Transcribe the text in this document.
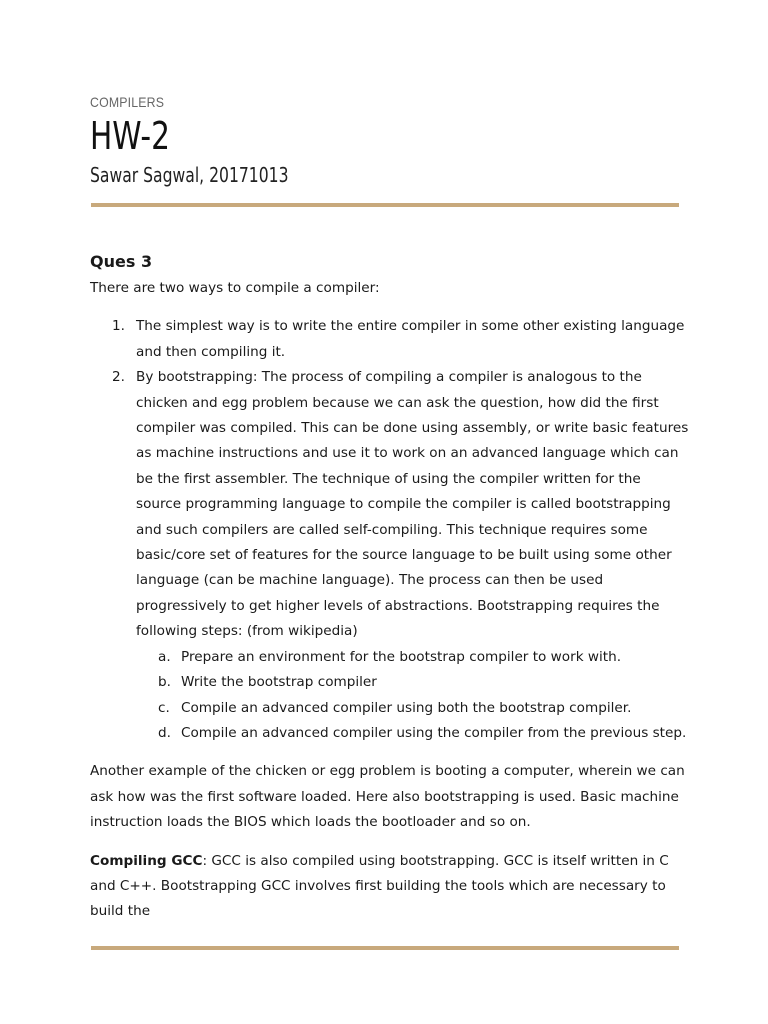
COMPILERS
HW-2
Sawar Sagwal, 20171013

Ques 3

There are two ways to compile a compiler:

1. The simplest way is to write the entire compiler in some other existing language and then compiling it.
2. By bootstrapping: The process of compiling a compiler is analogous to the chicken and egg problem because we can ask the question, how did the first compiler was compiled. This can be done using assembly, or write basic features as machine instructions and use it to work on an advanced language which can be the first assembler. The technique of using the compiler written for the source programming language to compile the compiler is called bootstrapping and such compilers are called self-compiling. This technique requires some basic/core set of features for the source language to be built using some other language (can be machine language). The process can then be used progressively to get higher levels of abstractions. Bootstrapping requires the following steps: (from wikipedia)
a. Prepare an environment for the bootstrap compiler to work with.
b. Write the bootstrap compiler
c. Compile an advanced compiler using both the bootstrap compiler.
d. Compile an advanced compiler using the compiler from the previous step.

Another example of the chicken or egg problem is booting a computer, wherein we can ask how was the first software loaded. Here also bootstrapping is used. Basic machine instruction loads the BIOS which loads the bootloader and so on.

Compiling GCC: GCC is also compiled using bootstrapping. GCC is itself written in C and C++. Bootstrapping GCC involves first building the tools which are necessary to build the
